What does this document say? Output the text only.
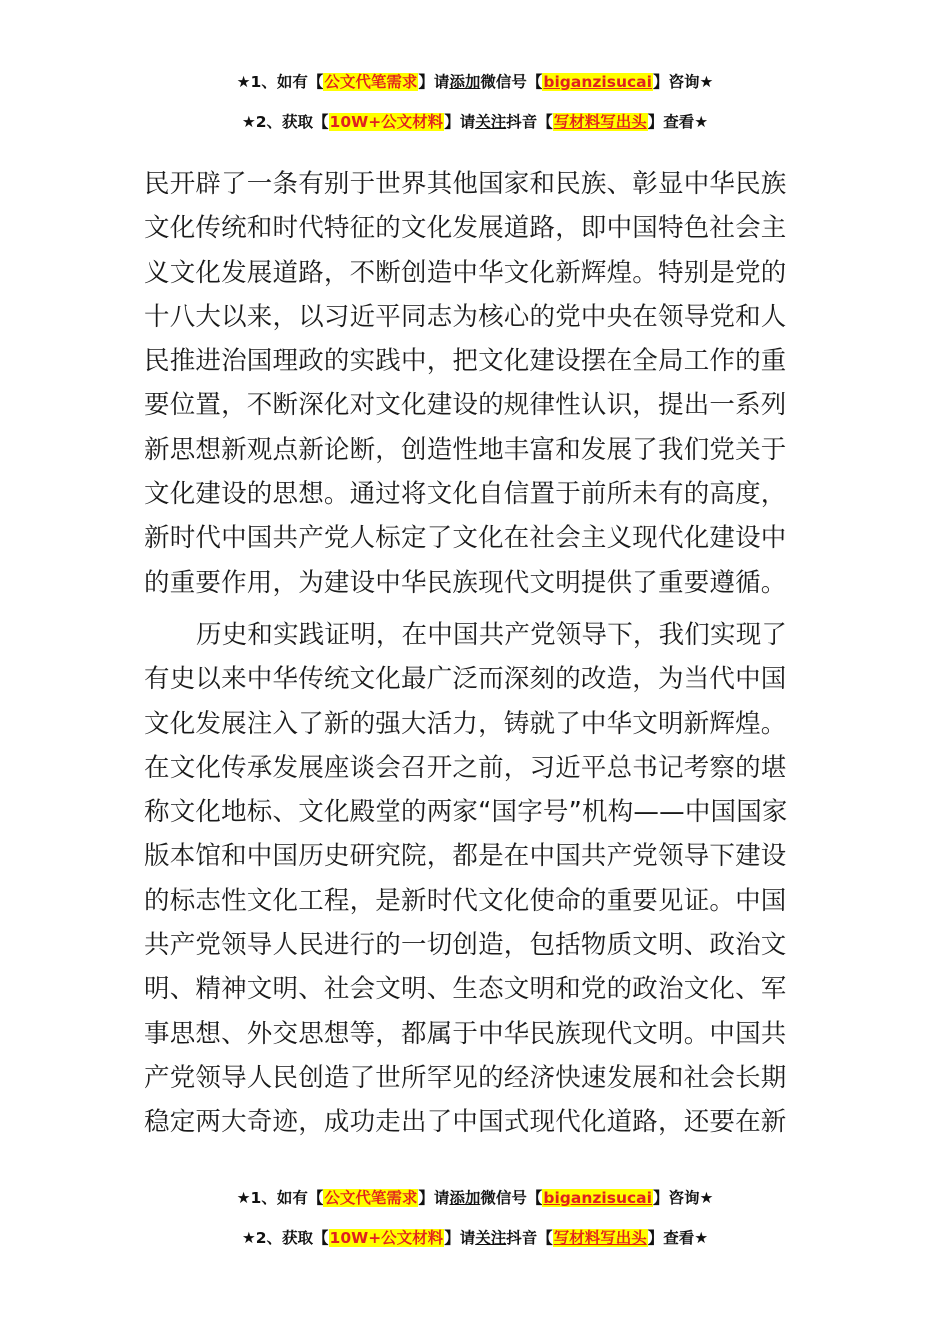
★1、如有【公文代笔需求】请添加微信号【biganzisucai】咨询★
★2、获取【10W+公文材料】请关注抖音【写材料写出头】查看★

民开辟了一条有别于世界其他国家和民族、彰显中华民族
文化传统和时代特征的文化发展道路，即中国特色社会主
义文化发展道路，不断创造中华文化新辉煌。特别是党的
十八大以来，以习近平同志为核心的党中央在领导党和人
民推进治国理政的实践中，把文化建设摆在全局工作的重
要位置，不断深化对文化建设的规律性认识，提出一系列
新思想新观点新论断，创造性地丰富和发展了我们党关于
文化建设的思想。通过将文化自信置于前所未有的高度，
新时代中国共产党人标定了文化在社会主义现代化建设中
的重要作用，为建设中华民族现代文明提供了重要遵循。

历史和实践证明，在中国共产党领导下，我们实现了
有史以来中华传统文化最广泛而深刻的改造，为当代中国
文化发展注入了新的强大活力，铸就了中华文明新辉煌。
在文化传承发展座谈会召开之前，习近平总书记考察的堪
称文化地标、文化殿堂的两家“国字号”机构——中国国家
版本馆和中国历史研究院，都是在中国共产党领导下建设
的标志性文化工程，是新时代文化使命的重要见证。中国
共产党领导人民进行的一切创造，包括物质文明、政治文
明、精神文明、社会文明、生态文明和党的政治文化、军
事思想、外交思想等，都属于中华民族现代文明。中国共
产党领导人民创造了世所罕见的经济快速发展和社会长期
稳定两大奇迹，成功走出了中国式现代化道路，还要在新

★1、如有【公文代笔需求】请添加微信号【biganzisucai】咨询★
★2、获取【10W+公文材料】请关注抖音【写材料写出头】查看★
